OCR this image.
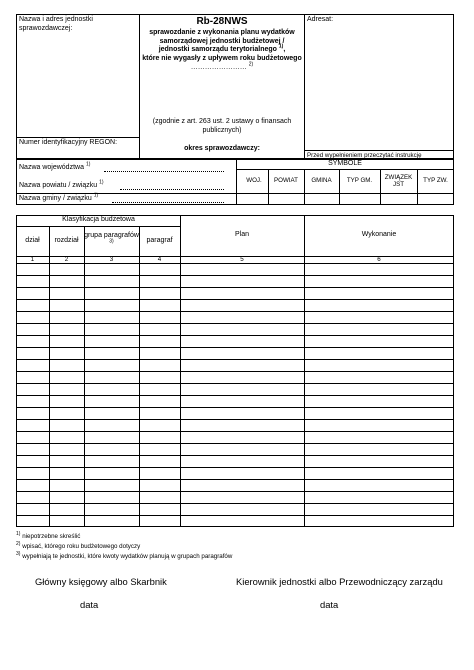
Nazwa i adres jednostki sprawozdawczej:
Numer identyfikacyjny REGON:
Rb-28NWS
sprawozdanie z wykonania planu wydatków
samorządowej jednostki budżetowej /
jednostki samorządu terytorialnego $^{1)}$,
które nie wygasły z upływem roku budżetowego
…………………… $^{2)}$
(zgodnie z art. 263 ust. 2 ustawy o finansach publicznych)
okres sprawozdawczy:
Adresat:
Przed wypełnieniem przeczytać instrukcję
Nazwa województwa $^{1)}$
Nazwa powiatu / związku $^{1)}$
Nazwa gminy / związku $^{1)}$
SYMBOLE
WOJ.	POWIAT	GMINA	TYP GM.
ZWIĄZEK JST
TYP ZW.
Klasyfikacja budżetowa
dział	rozdział
grupa paragrafów $^{3)}$	paragraf
Plan	Wykonanie
1	2	3	4	5	6
$^{1)}$ niepotrzebne skreślić
$^{2)}$ wpisać, którego roku budżetowego dotyczy
$^{3)}$ wypełniają te jednostki, które kwoty wydatków planują w grupach paragrafów
Główny księgowy albo Skarbnik
data
Kierownik jednostki albo Przewodniczący zarządu
data
